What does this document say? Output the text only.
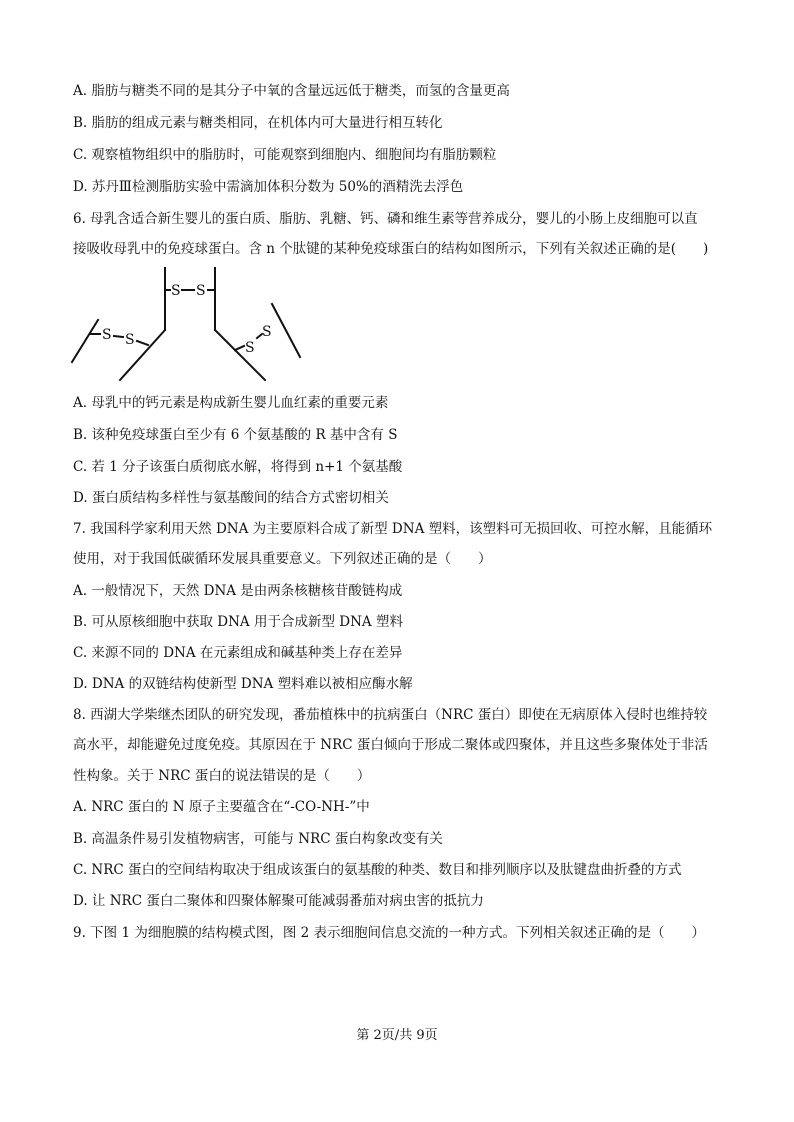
A. 脂肪与糖类不同的是其分子中氧的含量远远低于糖类，而氢的含量更高
B. 脂肪的组成元素与糖类相同，在机体内可大量进行相互转化
C. 观察植物组织中的脂肪时，可能观察到细胞内、细胞间均有脂肪颗粒
D. 苏丹Ⅲ检测脂肪实验中需滴加体积分数为 50%的酒精洗去浮色
6. 母乳含适合新生婴儿的蛋白质、脂肪、乳糖、钙、磷和维生素等营养成分，婴儿的小肠上皮细胞可以直
接吸收母乳中的免疫球蛋白。含 n 个肽键的某种免疫球蛋白的结构如图所示，下列有关叙述正确的是(　　)
S S
S S	S
S
A. 母乳中的钙元素是构成新生婴儿血红素的重要元素
B. 该种免疫球蛋白至少有 6 个氨基酸的 R 基中含有 S
C. 若 1 分子该蛋白质彻底水解，将得到 n+1 个氨基酸
D. 蛋白质结构多样性与氨基酸间的结合方式密切相关
7. 我国科学家利用天然 DNA 为主要原料合成了新型 DNA 塑料，该塑料可无损回收、可控水解，且能循环
使用，对于我国低碳循环发展具重要意义。下列叙述正确的是（　　）
A. 一般情况下，天然 DNA 是由两条核糖核苷酸链构成
B. 可从原核细胞中获取 DNA 用于合成新型 DNA 塑料
C. 来源不同的 DNA 在元素组成和碱基种类上存在差异
D. DNA 的双链结构使新型 DNA 塑料难以被相应酶水解
8. 西湖大学柴继杰团队的研究发现，番茄植株中的抗病蛋白（NRC 蛋白）即使在无病原体入侵时也维持较
高水平，却能避免过度免疫。其原因在于 NRC 蛋白倾向于形成二聚体或四聚体，并且这些多聚体处于非活
性构象。关于 NRC 蛋白的说法错误的是（　　）
A. NRC 蛋白的 N 原子主要蕴含在“-CO-NH-”中
B. 高温条件易引发植物病害，可能与 NRC 蛋白构象改变有关
C. NRC 蛋白的空间结构取决于组成该蛋白的氨基酸的种类、数目和排列顺序以及肽键盘曲折叠的方式
D. 让 NRC 蛋白二聚体和四聚体解聚可能减弱番茄对病虫害的抵抗力
9. 下图 1 为细胞膜的结构模式图，图 2 表示细胞间信息交流的一种方式。下列相关叙述正确的是（　　）
第 2页/共 9页
